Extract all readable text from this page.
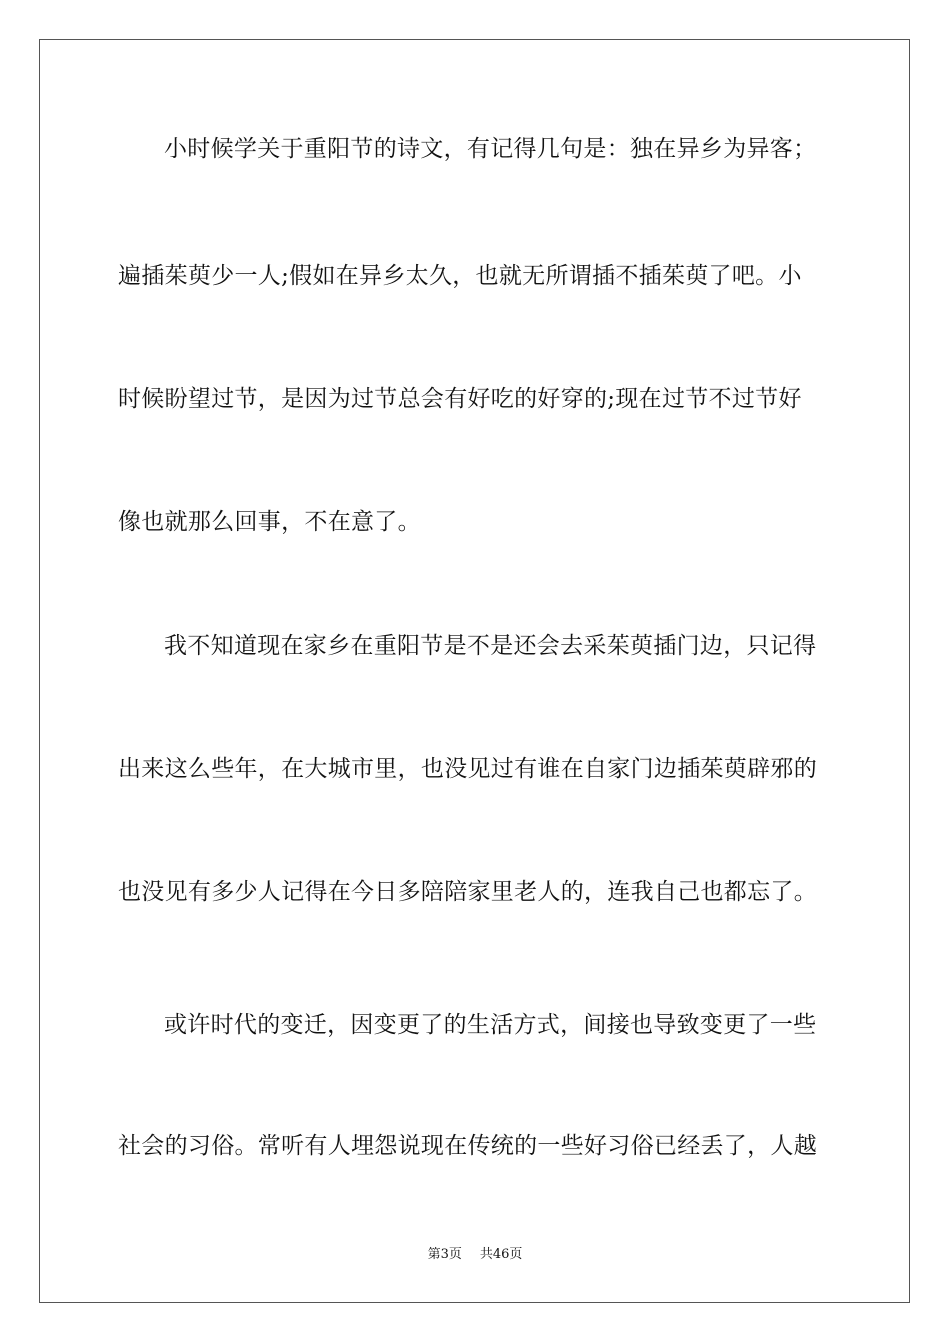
小时候学关于重阳节的诗文，有记得几句是：独在异乡为异客；
遍插茱萸少一人;假如在异乡太久，也就无所谓插不插茱萸了吧。小
时候盼望过节，是因为过节总会有好吃的好穿的;现在过节不过节好
像也就那么回事，不在意了。
我不知道现在家乡在重阳节是不是还会去采茱萸插门边，只记得
出来这么些年，在大城市里，也没见过有谁在自家门边插茱萸辟邪的
也没见有多少人记得在今日多陪陪家里老人的，连我自己也都忘了。
或许时代的变迁，因变更了的生活方式，间接也导致变更了一些
社会的习俗。常听有人埋怨说现在传统的一些好习俗已经丢了，人越
第3页 共46页
